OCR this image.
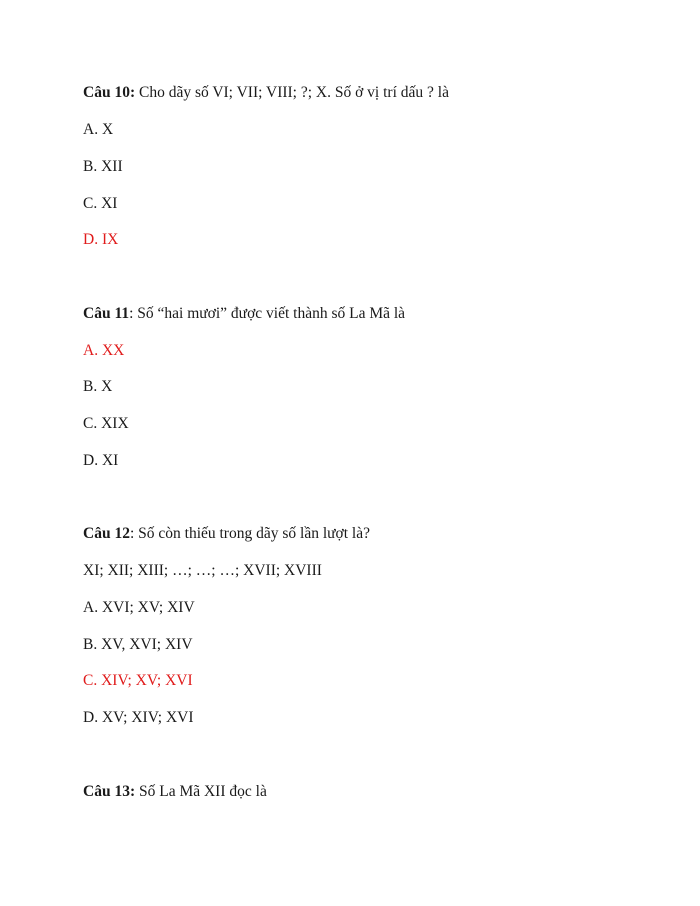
Câu 10: Cho dãy số VI; VII; VIII; ?; X. Số ở vị trí dấu ? là
A. X
B. XII
C. XI
D. IX
Câu 11: Số “hai mươi” được viết thành số La Mã là
A. XX
B. X
C. XIX
D. XI
Câu 12: Số còn thiếu trong dãy số lần lượt là?
XI; XII; XIII; …; …; …; XVII; XVIII
A. XVI; XV; XIV
B. XV, XVI; XIV
C. XIV; XV; XVI
D. XV; XIV; XVI
Câu 13: Số La Mã XII đọc là
